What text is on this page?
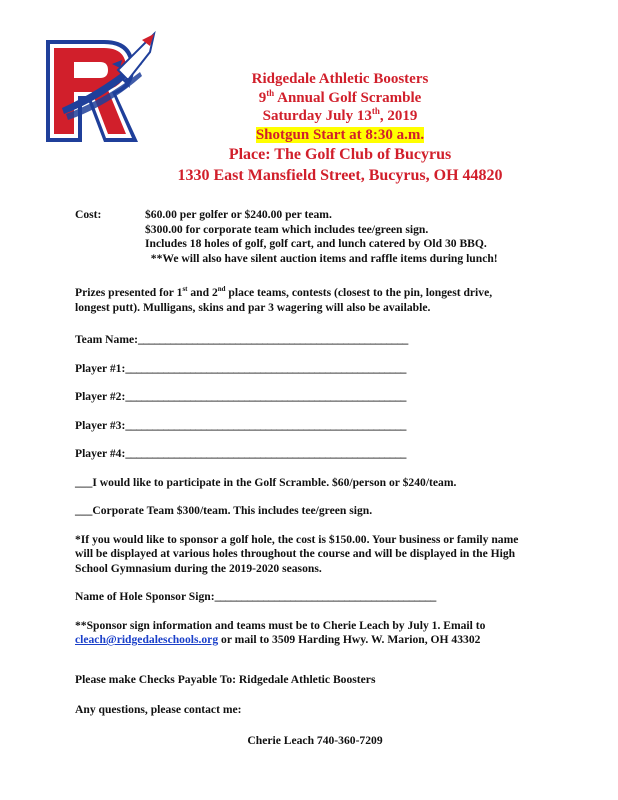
Ridgedale Athletic Boosters
9th Annual Golf Scramble
Saturday July 13th, 2019
Shotgun Start at 8:30 a.m.
Place: The Golf Club of Bucyrus
1330 East Mansfield Street, Bucyrus, OH 44820
Cost:	$60.00 per golfer or $240.00 per team.
$300.00 for corporate team which includes tee/green sign.
Includes 18 holes of golf, golf cart, and lunch catered by Old 30 BBQ.
**We will also have silent auction items and raffle items during lunch!
Prizes presented for 1st and 2nd place teams, contests (closest to the pin, longest drive,
longest putt). Mulligans, skins and par 3 wagering will also be available.
Team Name:__________________________________________________
Player #1:____________________________________________________
Player #2:____________________________________________________
Player #3:____________________________________________________
Player #4:____________________________________________________
___I would like to participate in the Golf Scramble. $60/person or $240/team.
___Corporate Team $300/team. This includes tee/green sign.
*If you would like to sponsor a golf hole, the cost is $150.00. Your business or family name
will be displayed at various holes throughout the course and will be displayed in the High
School Gymnasium during the 2019-2020 seasons.
Name of Hole Sponsor Sign:_________________________________________
**Sponsor sign information and teams must be to Cherie Leach by July 1. Email to
cleach@ridgedaleschools.org or mail to 3509 Harding Hwy. W. Marion, OH 43302
Please make Checks Payable To: Ridgedale Athletic Boosters
Any questions, please contact me:
Cherie Leach 740-360-7209
